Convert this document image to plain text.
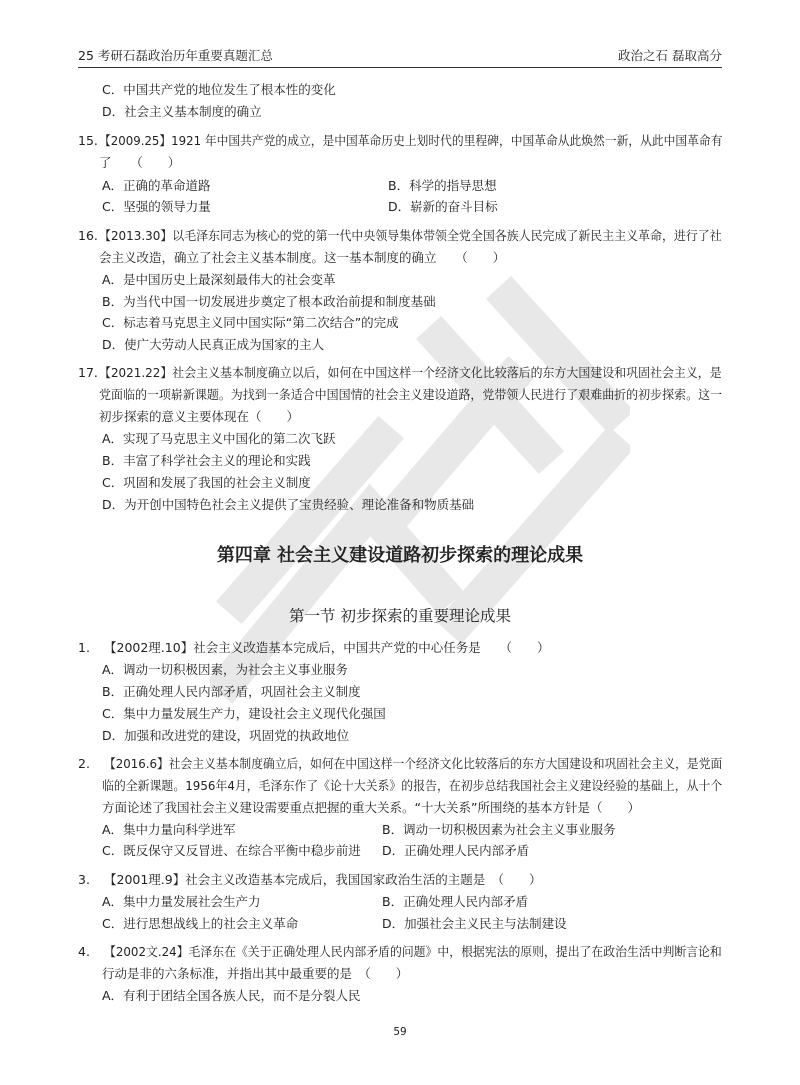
25 考研石磊政治历年重要真题汇总	政治之石 磊取高分
C．中国共产党的地位发生了根本性的变化
D．社会主义基本制度的确立
15. 【2009.25】1921 年中国共产党的成立，是中国革命历史上划时代的里程碑，中国革命从此焕然一新，从此中国革命有
了　　（　　）
A．正确的革命道路	B．科学的指导思想
C．坚强的领导力量	D．崭新的奋斗目标
16. 【2013.30】以毛泽东同志为核心的党的第一代中央领导集体带领全党全国各族人民完成了新民主主义革命，进行了社
会主义改造，确立了社会主义基本制度。这一基本制度的确立　　（　　）
A．是中国历史上最深刻最伟大的社会变革
B．为当代中国一切发展进步奠定了根本政治前提和制度基础
C．标志着马克思主义同中国实际“第二次结合”的完成
D．使广大劳动人民真正成为国家的主人
17. 【2021.22】社会主义基本制度确立以后，如何在中国这样一个经济文化比较落后的东方大国建设和巩固社会主义，是
党面临的一项崭新课题。为找到一条适合中国国情的社会主义建设道路，党带领人民进行了艰难曲折的初步探索。这一
初步探索的意义主要体现在（　　）
A．实现了马克思主义中国化的第二次飞跃
B．丰富了科学社会主义的理论和实践
C．巩固和发展了我国的社会主义制度
D．为开创中国特色社会主义提供了宝贵经验、理论准备和物质基础
第四章 社会主义建设道路初步探索的理论成果
第一节 初步探索的重要理论成果
1. 【2002理.10】社会主义改造基本完成后，中国共产党的中心任务是　　（　　）
A．调动一切积极因素，为社会主义事业服务
B．正确处理人民内部矛盾，巩固社会主义制度
C．集中力量发展生产力，建设社会主义现代化强国
D．加强和改进党的建设，巩固党的执政地位
2. 【2016.6】社会主义基本制度确立后，如何在中国这样一个经济文化比较落后的东方大国建设和巩固社会主义，是党面
临的全新课题。1956年4月，毛泽东作了《论十大关系》的报告，在初步总结我国社会主义建设经验的基础上，从十个
方面论述了我国社会主义建设需要重点把握的重大关系。“十大关系”所围绕的基本方针是（　　）
A．集中力量向科学进军	B．调动一切积极因素为社会主义事业服务
C．既反保守又反冒进、在综合平衡中稳步前进 D．正确处理人民内部矛盾
3. 【2001理.9】社会主义改造基本完成后，我国国家政治生活的主题是　（　　）
A．集中力量发展社会生产力	B．正确处理人民内部矛盾
C．进行思想战线上的社会主义革命	D．加强社会主义民主与法制建设
4. 【2002文.24】毛泽东在《关于正确处理人民内部矛盾的问题》中，根据宪法的原则，提出了在政治生活中判断言论和
行动是非的六条标准，并指出其中最重要的是　（　　）
A．有利于团结全国各族人民，而不是分裂人民
59
